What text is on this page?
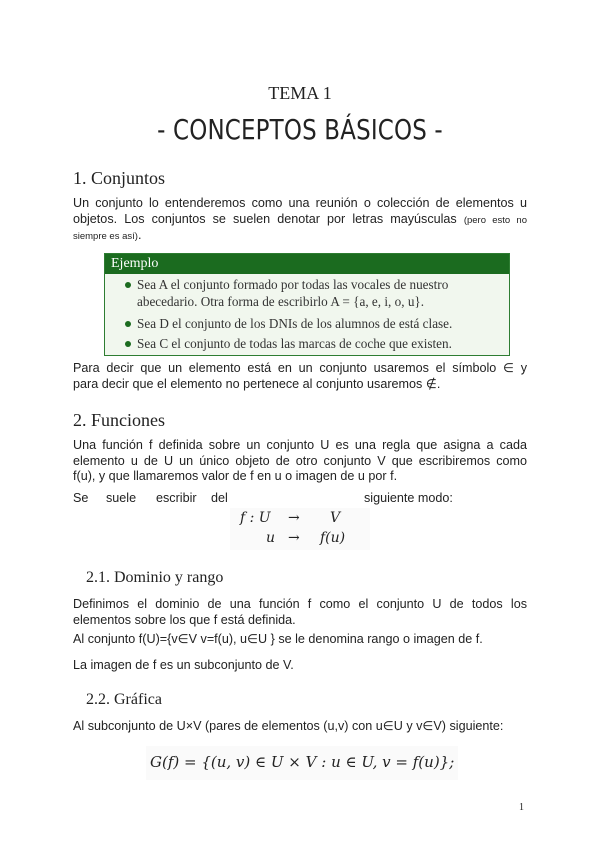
TEMA 1
- CONCEPTOS BÁSICOS -
1. Conjuntos
Un conjunto lo entenderemos como una reunión o colección de elementos u
objetos. Los conjuntos se suelen denotar por letras mayúsculas (pero esto no
siempre es así).
Ejemplo
Sea A el conjunto formado por todas las vocales de nuestro
abecedario. Otra forma de escribirlo A = {a, e, i, o, u}.
Sea D el conjunto de los DNIs de los alumnos de está clase.
Sea C el conjunto de todas las marcas de coche que existen.
Para decir que un elemento está en un conjunto usaremos el símbolo ∈ y
para decir que el elemento no pertenece al conjunto usaremos ∉.
2. Funciones
Una función f definida sobre un conjunto U es una regla que asigna a cada
elemento u de U un único objeto de otro conjunto V que escribiremos como
f(u), y que llamaremos valor de f en u o imagen de u por f.
Se suele escribir del	siguiente modo:
f : U → V
u → f(u)
2.1. Dominio y rango
Definimos el dominio de una función f como el conjunto U de todos los
elementos sobre los que f está definida.
Al conjunto f(U)={v∈V v=f(u), u∈U } se le denomina rango o imagen de f.
La imagen de f es un subconjunto de V.
2.2. Gráfica
Al subconjunto de U×V (pares de elementos (u,v) con u∈U y v∈V) siguiente:
G(f) = {(u, v) ∈ U × V : u ∈ U, v = f(u)};
1
